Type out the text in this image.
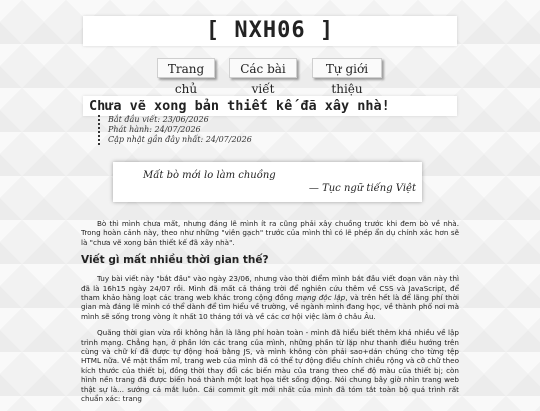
[ NXH06 ]
Trang chủ
Các bài viết
Tự giới thiệu
Chưa vẽ xong bản thiết kế đã xây nhà!
Bắt đầu viết: 23/06/2026
Phát hành: 24/07/2026
Cập nhật gần đây nhất: 24/07/2026
Mất bò mới lo làm chuồng
— Tục ngữ tiếng Việt

Bò thì mình chưa mất, nhưng đáng lẽ mình ít ra cũng phải xây chuồng trước khi đem bò về nhà. Trong hoàn cảnh này, theo như những "viên gạch" trước của mình thì có lẽ phép ẩn dụ chính xác hơn sẽ là "chưa vẽ xong bản thiết kế đã xây nhà".

Viết gì mất nhiều thời gian thế?

Tuy bài viết này "bắt đầu" vào ngày 23/06, nhưng vào thời điểm mình bắt đầu viết đoạn văn này thì đã là 16h15 ngày 24/07 rồi. Mình đã mất cả tháng trời để nghiên cứu thêm về CSS và JavaScript, để tham khảo hàng loạt các trang web khác trong cộng đồng mạng độc lập, và trên hết là để lãng phí thời gian mà đáng lẽ mình có thể dành để tìm hiểu về trường, về ngành mình đang học, về thành phố nơi mà mình sẽ sống trong vòng ít nhất 10 tháng tới và về các cơ hội việc làm ở châu Âu.

Quãng thời gian vừa rồi không hẳn là lãng phí hoàn toàn - mình đã hiểu biết thêm khá nhiều về lập trình mạng. Chẳng hạn, ở phần lớn các trang của mình, những phần từ lặp như thanh điều hướng trên cùng và chữ kí đã được tự động hoá bằng JS, và mình không còn phải sao+dán chúng cho từng tệp HTML nữa. Về mặt thẩm mĩ, trang web của mình đã có thể tự động điều chỉnh chiều rộng và cỡ chữ theo kích thước của thiết bị, đồng thời thay đổi các biến màu của trang theo chế độ màu của thiết bị; còn hình nền trang đã được biến hoá thành một loạt họa tiết sống động. Nói chung bây giờ nhìn trang web thật sự là... sướng cả mắt luôn. Cái commit gít mới nhất của mình đã tóm tắt toàn bộ quá trình rất chuẩn xác: trang
